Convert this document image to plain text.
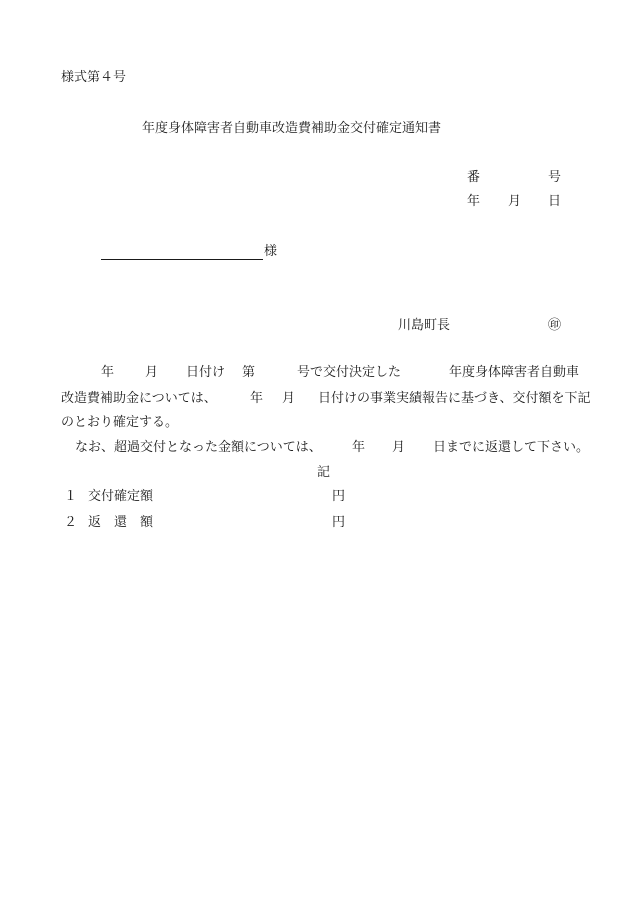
様式第４号
年度身体障害者自動車改造費補助金交付確定通知書
番	号
年 月 日
様
川島町長	㊞
年 月 日付け 第	号で交付決定した	年度身体障害者自動車
改造費補助金については、	年 月 日付けの事業実績報告に基づき、交付額を下記
のとおり確定する。
なお、超過交付となった金額については、 年 月 日までに返還して下さい。
記
１ 交付確定額	円
２ 返　還　額	円
